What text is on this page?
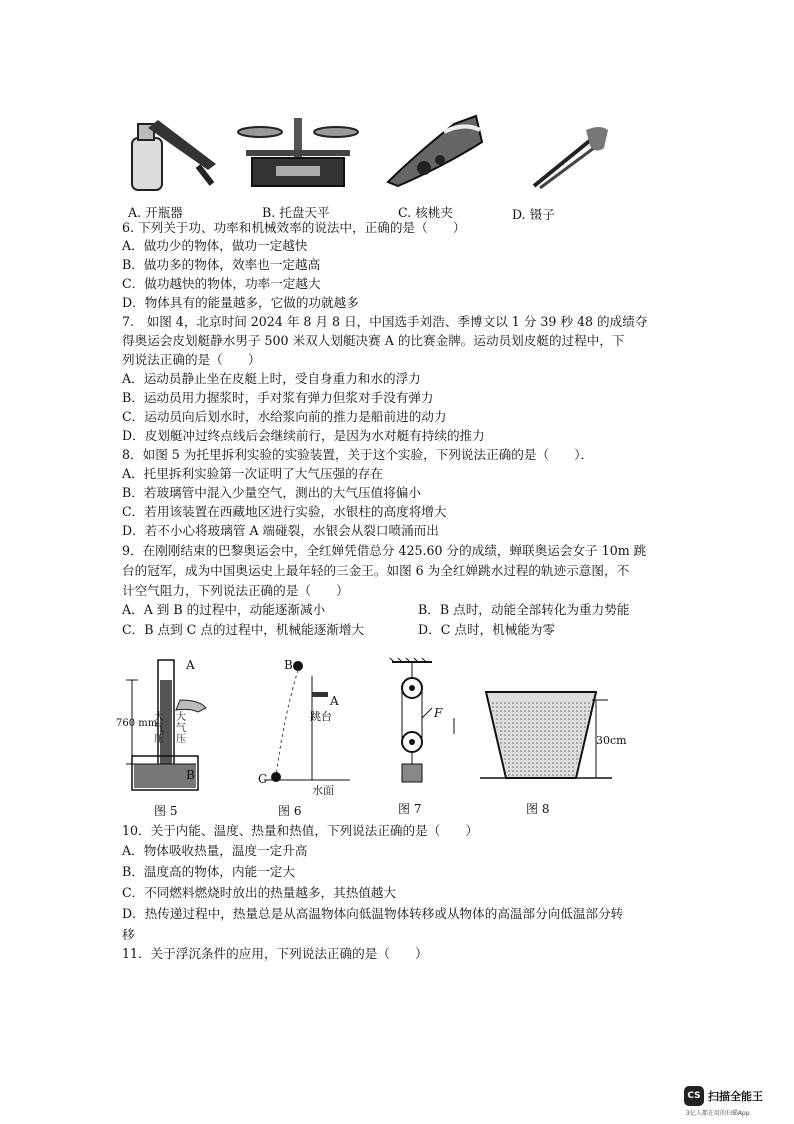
A. 开瓶器	B. 托盘天平	C. 核桃夹	D. 镊子
6. 下列关于功、功率和机械效率的说法中，正确的是（　　）
A．做功少的物体，做功一定越快
B．做功多的物体，效率也一定越高
C．做功越快的物体，功率一定越大
D．物体具有的能量越多，它做的功就越多
7.　如图 4，北京时间 2024 年 8 月 8 日，中国选手刘浩、季博文以 1 分 39 秒 48 的成绩夺
得奥运会皮划艇静水男子 500 米双人划艇决赛 A 的比赛金牌。运动员划皮艇的过程中，下
列说法正确的是（　　）
A．运动员静止坐在皮艇上时，受自身重力和水的浮力
B．运动员用力握浆时，手对浆有弹力但浆对手没有弹力
C．运动员向后划水时，水给浆向前的推力是船前进的动力
D．皮划艇冲过终点线后会继续前行，是因为水对艇有持续的推力
8．如图 5 为托里拆利实验的实验装置，关于这个实验，下列说法正确的是（　　）．
A．托里拆利实验第一次证明了大气压强的存在
B．若玻璃管中混入少量空气，测出的大气压值将偏小
C．若用该装置在西藏地区进行实验，水银柱的高度将增大
D．若不小心将玻璃管 A 端碰裂，水银会从裂口喷涌而出
9．在刚刚结束的巴黎奥运会中，全红婵凭借总分 425.60 分的成绩，蝉联奥运会女子 10m 跳
台的冠军，成为中国奥运史上最年轻的三金王。如图 6 为全红婵跳水过程的轨迹示意图，不
计空气阻力，下列说法正确的是（　　）
A．A 到 B 的过程中，动能逐渐减小	B．B 点时，动能全部转化为重力势能
C．B 点到 C 点的过程中，机械能逐渐增大	D．C 点时，机械能为零
A
B
760 mm
大气压
大气压
图 5
B
A
跳台
C
水面
图 6
F
图 7
30cm
图 8
10．关于内能、温度、热量和热值，下列说法正确的是（　　）
A．物体吸收热量，温度一定升高
B．温度高的物体，内能一定大
C．不同燃料燃烧时放出的热量越多，其热值越大
D．热传递过程中，热量总是从高温物体向低温物体转移或从物体的高温部分向低温部分转
移
11．关于浮沉条件的应用，下列说法正确的是（　　）
CS 扫描全能王
3亿人都在用的扫描App
